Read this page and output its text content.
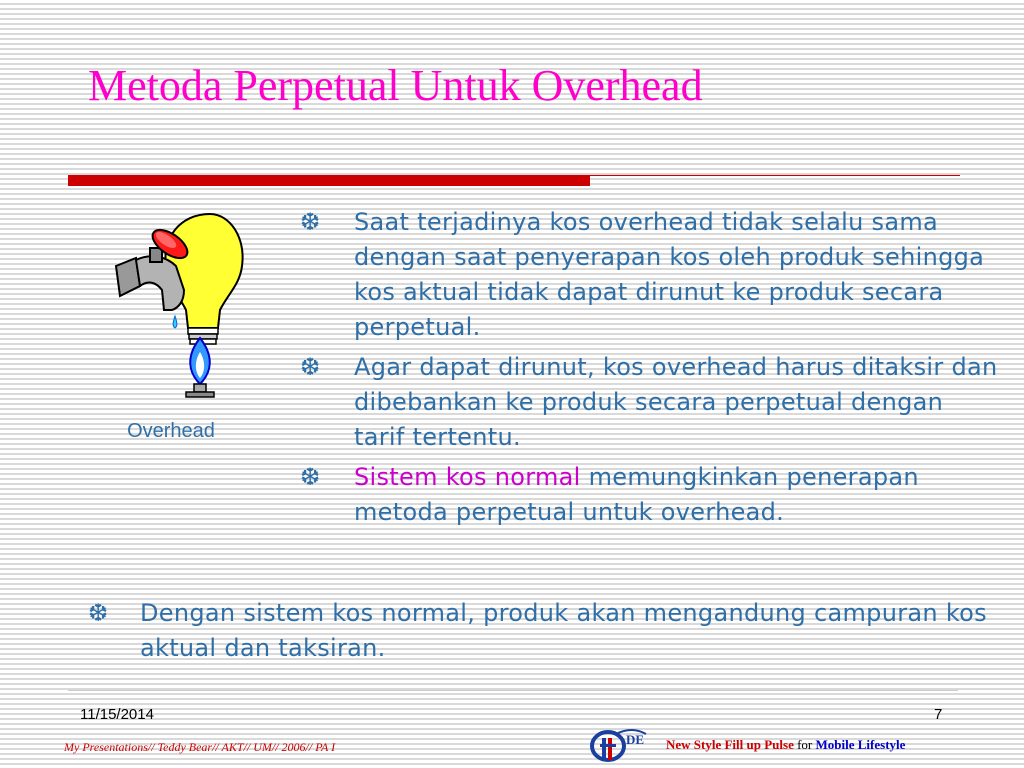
Metoda Perpetual Untuk Overhead
Overhead
❆ Saat terjadinya kos overhead tidak selalu sama dengan saat penyerapan kos oleh produk sehingga kos aktual tidak dapat dirunut ke produk secara perpetual.
❆ Agar dapat dirunut, kos overhead harus ditaksir dan dibebankan ke produk secara perpetual dengan tarif tertentu.
❆ Sistem kos normal memungkinkan penerapan metoda perpetual untuk overhead.
❆ Dengan sistem kos normal, produk akan mengandung campuran kos aktual dan taksiran.
11/15/2014	7
My Presentations// Teddy Bear// AKT// UM// 2006// PA I	DE New Style Fill up Pulse for Mobile Lifestyle
